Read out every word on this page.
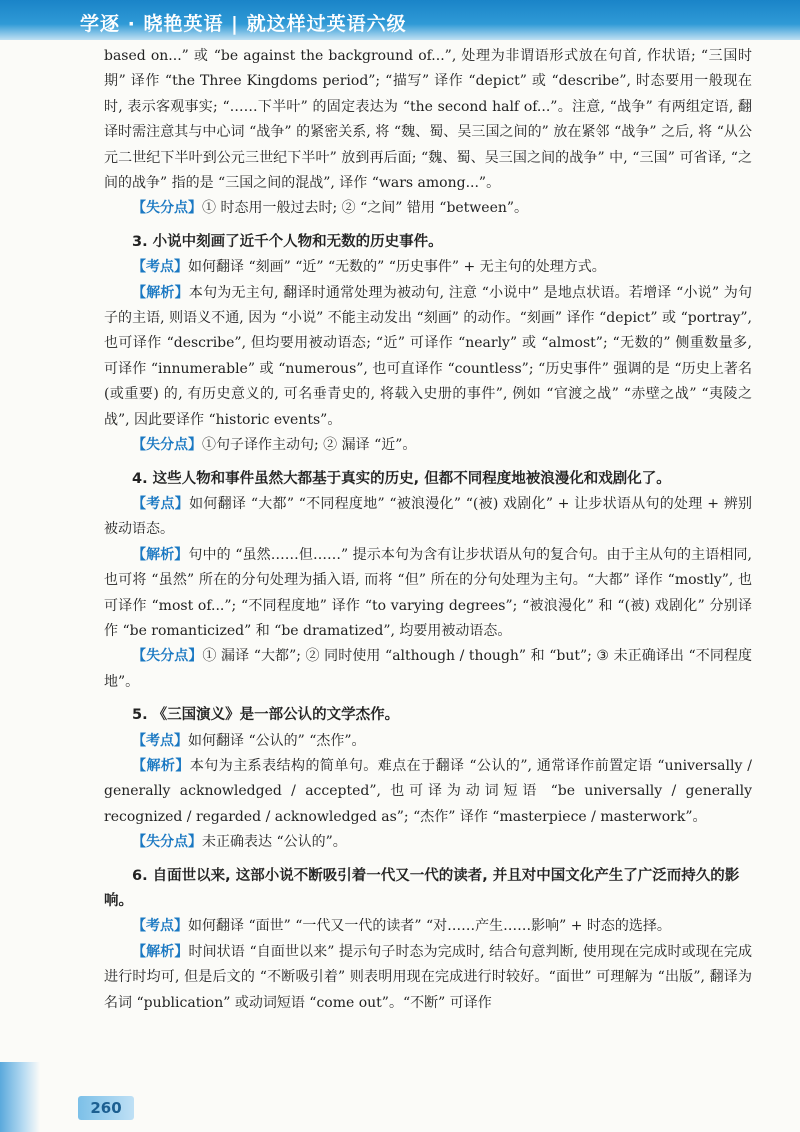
学逐 · 晓艳英语 | 就这样过英语六级

based on...” 或 “be against the background of...”, 处理为非谓语形式放在句首, 作状语; “三国时期” 译作 “the Three Kingdoms period”; “描写” 译作 “depict” 或 “describe”, 时态要用一般现在时, 表示客观事实; “……下半叶” 的固定表达为 “the second half of...”。注意, “战争” 有两组定语, 翻译时需注意其与中心词 “战争” 的紧密关系, 将 “魏、蜀、吴三国之间的” 放在紧邻 “战争” 之后, 将 “从公元二世纪下半叶到公元三世纪下半叶” 放到再后面; “魏、蜀、吴三国之间的战争” 中, “三国” 可省译, “之间的战争” 指的是 “三国之间的混战”, 译作 “wars among...”。

【失分点】① 时态用一般过去时; ② “之间” 错用 “between”。

3. 小说中刻画了近千个人物和无数的历史事件。

【考点】如何翻译 “刻画” “近” “无数的” “历史事件” + 无主句的处理方式。

【解析】本句为无主句, 翻译时通常处理为被动句, 注意 “小说中” 是地点状语。若增译 “小说” 为句子的主语, 则语义不通, 因为 “小说” 不能主动发出 “刻画” 的动作。“刻画” 译作 “depict” 或 “portray”, 也可译作 “describe”, 但均要用被动语态; “近” 可译作 “nearly” 或 “almost”; “无数的” 侧重数量多, 可译作 “innumerable” 或 “numerous”, 也可直译作 “countless”; “历史事件” 强调的是 “历史上著名 (或重要) 的, 有历史意义的, 可名垂青史的, 将载入史册的事件”, 例如 “官渡之战” “赤壁之战” “夷陵之战”, 因此要译作 “historic events”。

【失分点】①句子译作主动句; ② 漏译 “近”。

4. 这些人物和事件虽然大都基于真实的历史, 但都不同程度地被浪漫化和戏剧化了。

【考点】如何翻译 “大都” “不同程度地” “被浪漫化” “(被) 戏剧化” + 让步状语从句的处理 + 辨别被动语态。

【解析】句中的 “虽然……但……” 提示本句为含有让步状语从句的复合句。由于主从句的主语相同, 也可将 “虽然” 所在的分句处理为插入语, 而将 “但” 所在的分句处理为主句。“大都” 译作 “mostly”, 也可译作 “most of...”; “不同程度地” 译作 “to varying degrees”; “被浪漫化” 和 “(被) 戏剧化” 分别译作 “be romanticized” 和 “be dramatized”, 均要用被动语态。

【失分点】① 漏译 “大都”; ② 同时使用 “although / though” 和 “but”; ③ 未正确译出 “不同程度地”。

5. 《三国演义》是一部公认的文学杰作。

【考点】如何翻译 “公认的” “杰作”。

【解析】本句为主系表结构的简单句。难点在于翻译 “公认的”, 通常译作前置定语 “universally / generally acknowledged / accepted”, 也可译为动词短语 “be universally / generally recognized / regarded / acknowledged as”; “杰作” 译作 “masterpiece / masterwork”。

【失分点】未正确表达 “公认的”。

6. 自面世以来, 这部小说不断吸引着一代又一代的读者, 并且对中国文化产生了广泛而持久的影响。

【考点】如何翻译 “面世” “一代又一代的读者” “对……产生……影响” + 时态的选择。

【解析】时间状语 “自面世以来” 提示句子时态为完成时, 结合句意判断, 使用现在完成时或现在完成进行时均可, 但是后文的 “不断吸引着” 则表明用现在完成进行时较好。“面世” 可理解为 “出版”, 翻译为名词 “publication” 或动词短语 “come out”。“不断” 可译作

260
